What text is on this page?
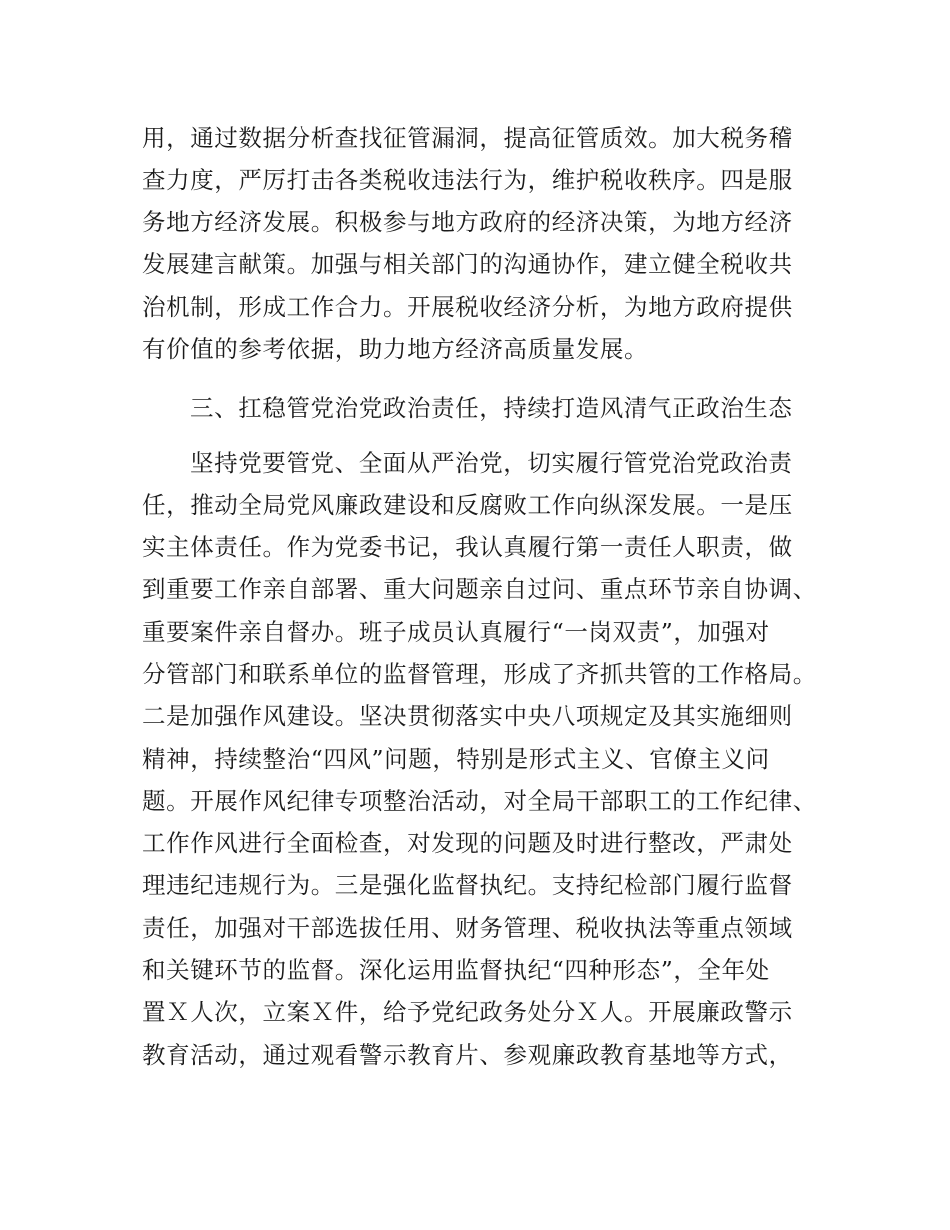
用，通过数据分析查找征管漏洞，提高征管质效。加大税务稽
查力度，严厉打击各类税收违法行为，维护税收秩序。四是服
务地方经济发展。积极参与地方政府的经济决策，为地方经济
发展建言献策。加强与相关部门的沟通协作，建立健全税收共
治机制，形成工作合力。开展税收经济分析，为地方政府提供
有价值的参考依据，助力地方经济高质量发展。
三、扛稳管党治党政治责任，持续打造风清气正政治生态
坚持党要管党、全面从严治党，切实履行管党治党政治责
任，推动全局党风廉政建设和反腐败工作向纵深发展。一是压
实主体责任。作为党委书记，我认真履行第一责任人职责，做
到重要工作亲自部署、重大问题亲自过问、重点环节亲自协调、
重要案件亲自督办。班子成员认真履行“一岗双责”，加强对
分管部门和联系单位的监督管理，形成了齐抓共管的工作格局。
二是加强作风建设。坚决贯彻落实中央八项规定及其实施细则
精神，持续整治“四风”问题，特别是形式主义、官僚主义问
题。开展作风纪律专项整治活动，对全局干部职工的工作纪律、
工作作风进行全面检查，对发现的问题及时进行整改，严肃处
理违纪违规行为。三是强化监督执纪。支持纪检部门履行监督
责任，加强对干部选拔任用、财务管理、税收执法等重点领域
和关键环节的监督。深化运用监督执纪“四种形态”，全年处
置Ｘ人次，立案Ｘ件，给予党纪政务处分Ｘ人。开展廉政警示
教育活动，通过观看警示教育片、参观廉政教育基地等方式，
